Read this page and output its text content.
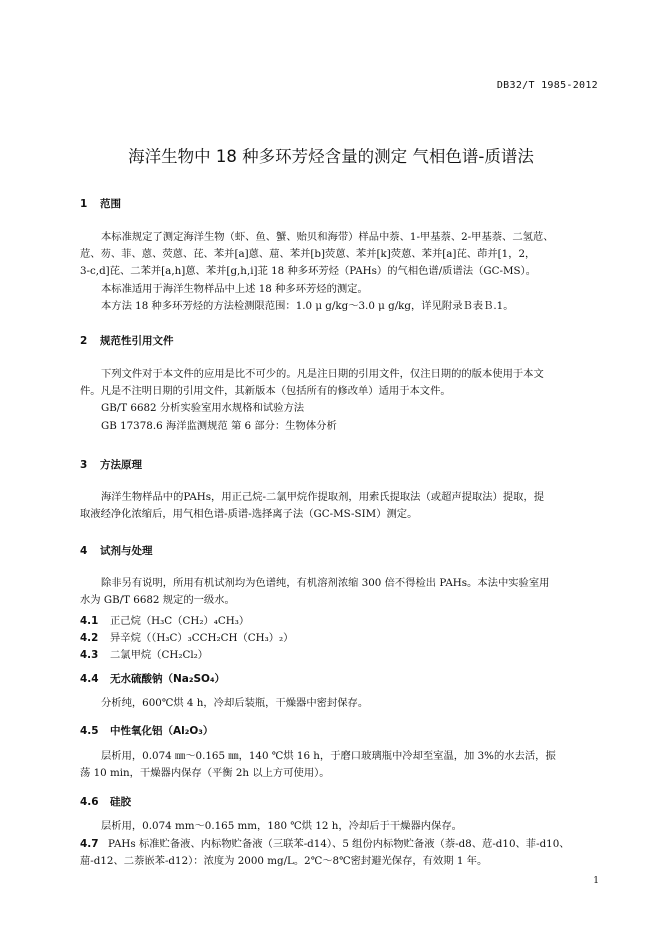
DB32/T 1985-2012
海洋生物中 18 种多环芳烃含量的测定 气相色谱-质谱法
1 范围
本标准规定了测定海洋生物（虾、鱼、蟹、贻贝和海带）样品中萘、1-甲基萘、2-甲基萘、二氢苊、
苊、芴、菲、蒽、荧蒽、芘、苯并[a]蒽、䓛、苯并[b]荧蒽、苯并[k]荧蒽、苯并[a]芘、茚并[1，2，
3-c,d]芘、二苯并[a,h]蒽、苯并[g,h,i]苝 18 种多环芳烃（PAHs）的气相色谱/质谱法（GC-MS）。
本标准适用于海洋生物样品中上述 18 种多环芳烃的测定。
本方法 18 种多环芳烃的方法检测限范围：1.0 μ g/kg～3.0 μ g/kg，详见附录Ｂ表Ｂ.1。
2 规范性引用文件
下列文件对于本文件的应用是比不可少的。凡是注日期的引用文件，仅注日期的的版本使用于本文
件。凡是不注明日期的引用文件，其新版本（包括所有的修改单）适用于本文件。
GB/T 6682 分析实验室用水规格和试验方法
GB 17378.6 海洋监测规范 第 6 部分：生物体分析
3 方法原理
海洋生物样品中的PAHs，用正己烷-二氯甲烷作提取剂，用索氏提取法（或超声提取法）提取，提
取液经净化浓缩后，用气相色谱-质谱-选择离子法（GC-MS-SIM）测定。
4 试剂与处理
除非另有说明，所用有机试剂均为色谱纯，有机溶剂浓缩 300 倍不得检出 PAHs。本法中实验室用
水为 GB/T 6682 规定的一级水。
4.1 正己烷（H₃C（CH₂）₄CH₃）
4.2 异辛烷（（H₃C）₃CCH₂CH（CH₃）₂）
4.3 二氯甲烷（CH₂Cl₂）
4.4 无水硫酸钠（Na₂SO₄）
分析纯，600℃烘 4 h，冷却后装瓶，干燥器中密封保存。
4.5 中性氧化铝（Al₂O₃）
层析用，0.074 ㎜～0.165 ㎜，140 ℃烘 16 h，于磨口玻璃瓶中冷却至室温，加 3%的水去活，振
荡 10 min，干燥器内保存（平衡 2h 以上方可使用）。
4.6 硅胶
层析用，0.074 mm～0.165 mm，180 ℃烘 12 h，冷却后于干燥器内保存。
4.7 PAHs 标准贮备液、内标物贮备液（三联苯-d14）、5 组份内标物贮备液（萘-d8、苊-d10、菲-d10、
䓛-d12、二萘嵌苯-d12）：浓度为 2000 mg/L。2℃～8℃密封避光保存，有效期 1 年。
1
